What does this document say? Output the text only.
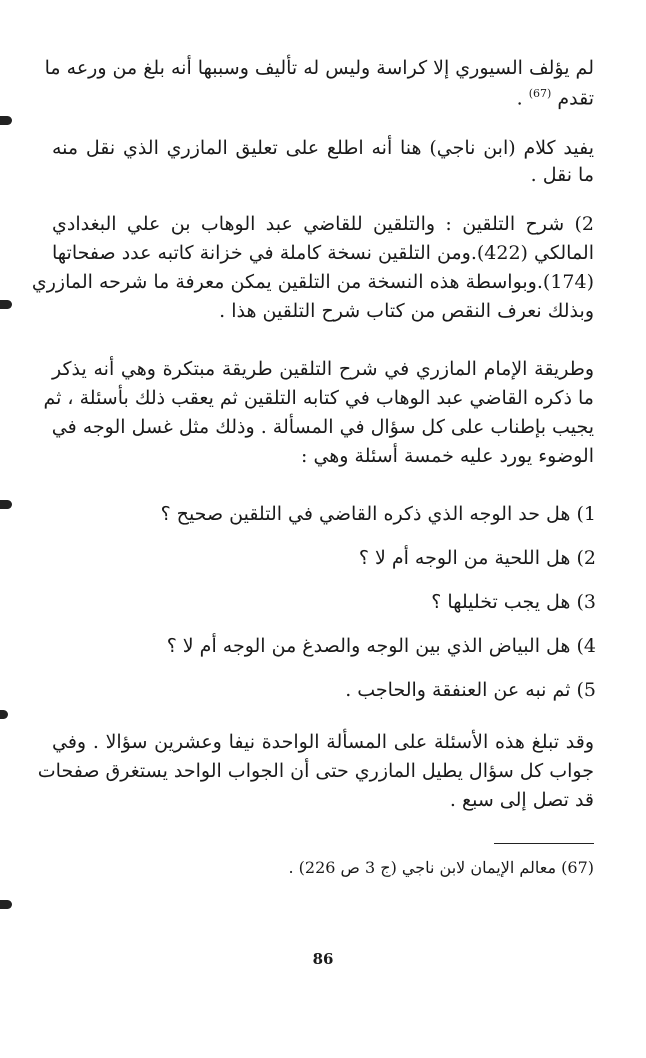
لم يؤلف السيوري إلا كراسة وليس له تأليف وسببها أنه بلغ من ورعه ما
تقدم $^{(67)}$ .
يفيد كلام (ابن ناجي) هنا أنه اطلع على تعليق المازري الذي نقل منه
ما نقل .
2) شرح التلقين : والتلقين للقاضي عبد الوهاب بن علي البغدادي
المالكي (422).ومن التلقين نسخة كاملة في خزانة كاتبه عدد صفحاتها
(174).وبواسطة هذه النسخة من التلقين يمكن معرفة ما شرحه المازري
وبذلك نعرف النقص من كتاب شرح التلقين هذا .
وطريقة الإمام المازري في شرح التلقين طريقة مبتكرة وهي أنه يذكر
ما ذكره القاضي عبد الوهاب في كتابه التلقين ثم يعقب ذلك بأسئلة ، ثم
يجيب بإطناب على كل سؤال في المسألة . وذلك مثل غسل الوجه في
الوضوء يورد عليه خمسة أسئلة وهي :
1) هل حد الوجه الذي ذكره القاضي في التلقين صحيح ؟
2) هل اللحية من الوجه أم لا ؟
3) هل يجب تخليلها ؟
4) هل البياض الذي بين الوجه والصدغ من الوجه أم لا ؟
5) ثم نبه عن العنفقة والحاجب .
وقد تبلغ هذه الأسئلة على المسألة الواحدة نيفا وعشرين سؤالا . وفي
جواب كل سؤال يطيل المازري حتى أن الجواب الواحد يستغرق صفحات
قد تصل إلى سبع .
(67) معالم الإيمان لابن ناجي (ج 3 ص 226) .
86
